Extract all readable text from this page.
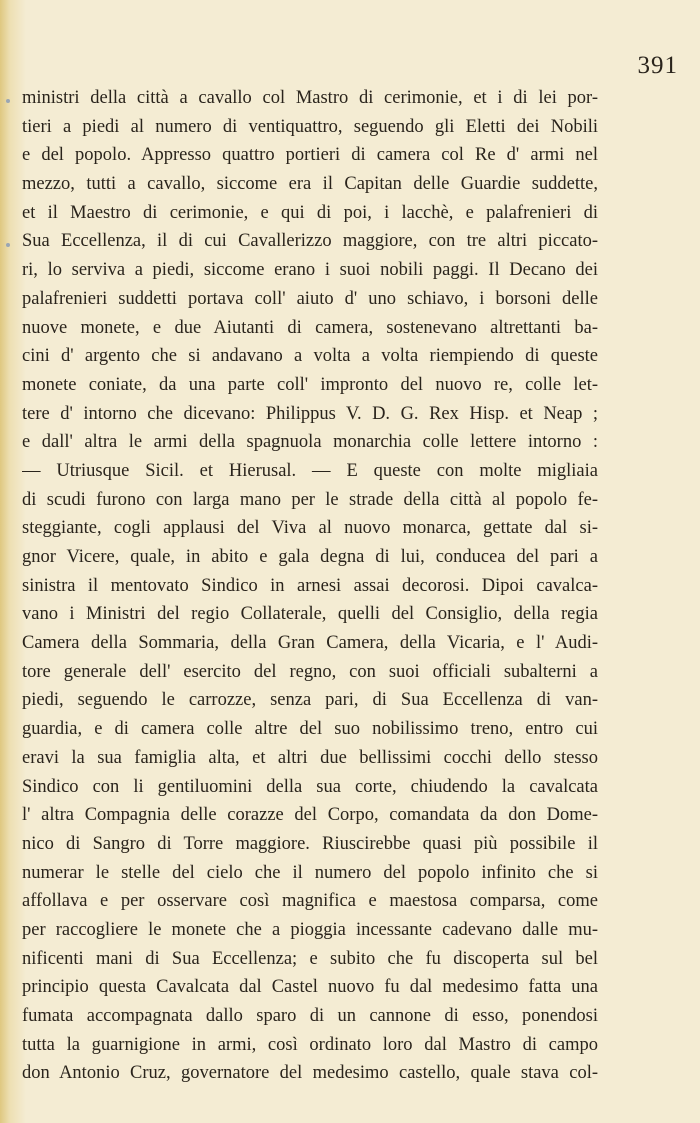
391
ministri della città a cavallo col Mastro di cerimonie, et i di lei por-
tieri a piedi al numero di ventiquattro, seguendo gli Eletti dei Nobili
e del popolo. Appresso quattro portieri di camera col Re d' armi nel
mezzo, tutti a cavallo, siccome era il Capitan delle Guardie suddette,
et il Maestro di cerimonie, e qui di poi, i lacchè, e palafrenieri di
Sua Eccellenza, il di cui Cavallerizzo maggiore, con tre altri piccato-
ri, lo serviva a piedi, siccome erano i suoi nobili paggi. Il Decano dei
palafrenieri suddetti portava coll' aiuto d' uno schiavo, i borsoni delle
nuove monete, e due Aiutanti di camera, sostenevano altrettanti ba-
cini d' argento che si andavano a volta a volta riempiendo di queste
monete coniate, da una parte coll' impronto del nuovo re, colle let-
tere d' intorno che dicevano: Philippus V. D. G. Rex Hisp. et Neap ;
e dall' altra le armi della spagnuola monarchia colle lettere intorno :
— Utriusque Sicil. et Hierusal. — E queste con molte migliaia
di scudi furono con larga mano per le strade della città al popolo fe-
steggiante, cogli applausi del Viva al nuovo monarca, gettate dal si-
gnor Vicere, quale, in abito e gala degna di lui, conducea del pari a
sinistra il mentovato Sindico in arnesi assai decorosi. Dipoi cavalca-
vano i Ministri del regio Collaterale, quelli del Consiglio, della regia
Camera della Sommaria, della Gran Camera, della Vicaria, e l' Audi-
tore generale dell' esercito del regno, con suoi officiali subalterni a
piedi, seguendo le carrozze, senza pari, di Sua Eccellenza di van-
guardia, e di camera colle altre del suo nobilissimo treno, entro cui
eravi la sua famiglia alta, et altri due bellissimi cocchi dello stesso
Sindico con li gentiluomini della sua corte, chiudendo la cavalcata
l' altra Compagnia delle corazze del Corpo, comandata da don Dome-
nico di Sangro di Torre maggiore. Riuscirebbe quasi più possibile il
numerar le stelle del cielo che il numero del popolo infinito che si
affollava e per osservare così magnifica e maestosa comparsa, come
per raccogliere le monete che a pioggia incessante cadevano dalle mu-
nificenti mani di Sua Eccellenza; e subito che fu discoperta sul bel
principio questa Cavalcata dal Castel nuovo fu dal medesimo fatta una
fumata accompagnata dallo sparo di un cannone di esso, ponendosi
tutta la guarnigione in armi, così ordinato loro dal Mastro di campo
don Antonio Cruz, governatore del medesimo castello, quale stava col-
